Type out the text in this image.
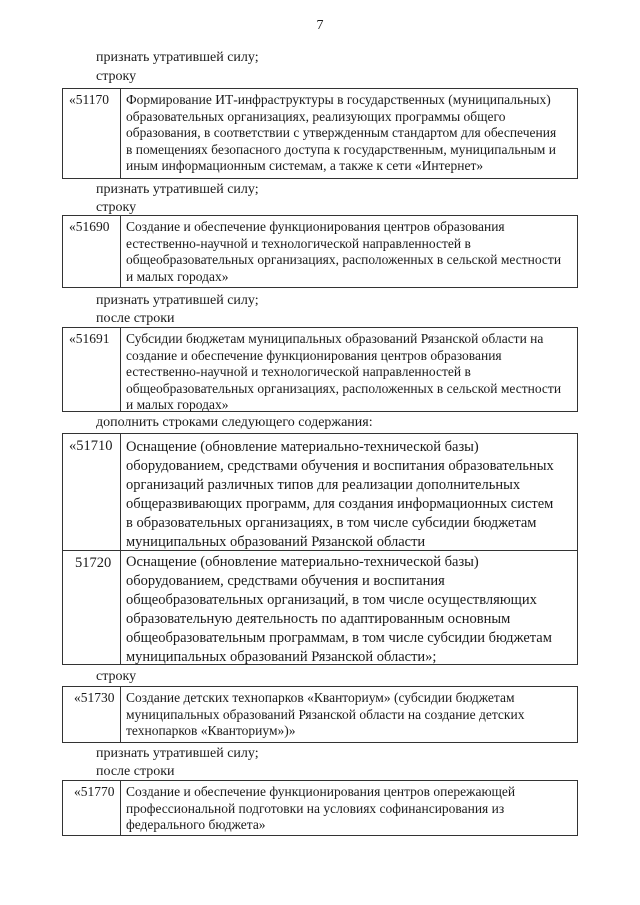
7
признать утратившей силу;
строку
«51170	Формирование ИТ-инфраструктуры в государственных (муниципальных)
образовательных организациях, реализующих программы общего
образования, в соответствии с утвержденным стандартом для обеспечения
в помещениях безопасного доступа к государственным, муниципальным и
иным информационным системам, а также к сети «Интернет»
признать утратившей силу;
строку
«51690	Создание и обеспечение функционирования центров образования
естественно-научной и технологической направленностей в
общеобразовательных организациях, расположенных в сельской местности
и малых городах»
признать утратившей силу;
после строки
«51691	Субсидии бюджетам муниципальных образований Рязанской области на
создание и обеспечение функционирования центров образования
естественно-научной и технологической направленностей в
общеобразовательных организациях, расположенных в сельской местности
и малых городах»
дополнить строками следующего содержания:
«51710 Оснащение (обновление материально-технической базы)
оборудованием, средствами обучения и воспитания образовательных
организаций различных типов для реализации дополнительных
общеразвивающих программ, для создания информационных систем
в образовательных организациях, в том числе субсидии бюджетам
муниципальных образований Рязанской области
51720	Оснащение (обновление материально-технической базы)
оборудованием, средствами обучения и воспитания
общеобразовательных организаций, в том числе осуществляющих
образовательную деятельность по адаптированным основным
общеобразовательным программам, в том числе субсидии бюджетам
муниципальных образований Рязанской области»;
строку
«51730 Создание детских технопарков «Кванториум» (субсидии бюджетам
муниципальных образований Рязанской области на создание детских
технопарков «Кванториум»)»
признать утратившей силу;
после строки
«51770 Создание и обеспечение функционирования центров опережающей
профессиональной подготовки на условиях софинансирования из
федерального бюджета»
